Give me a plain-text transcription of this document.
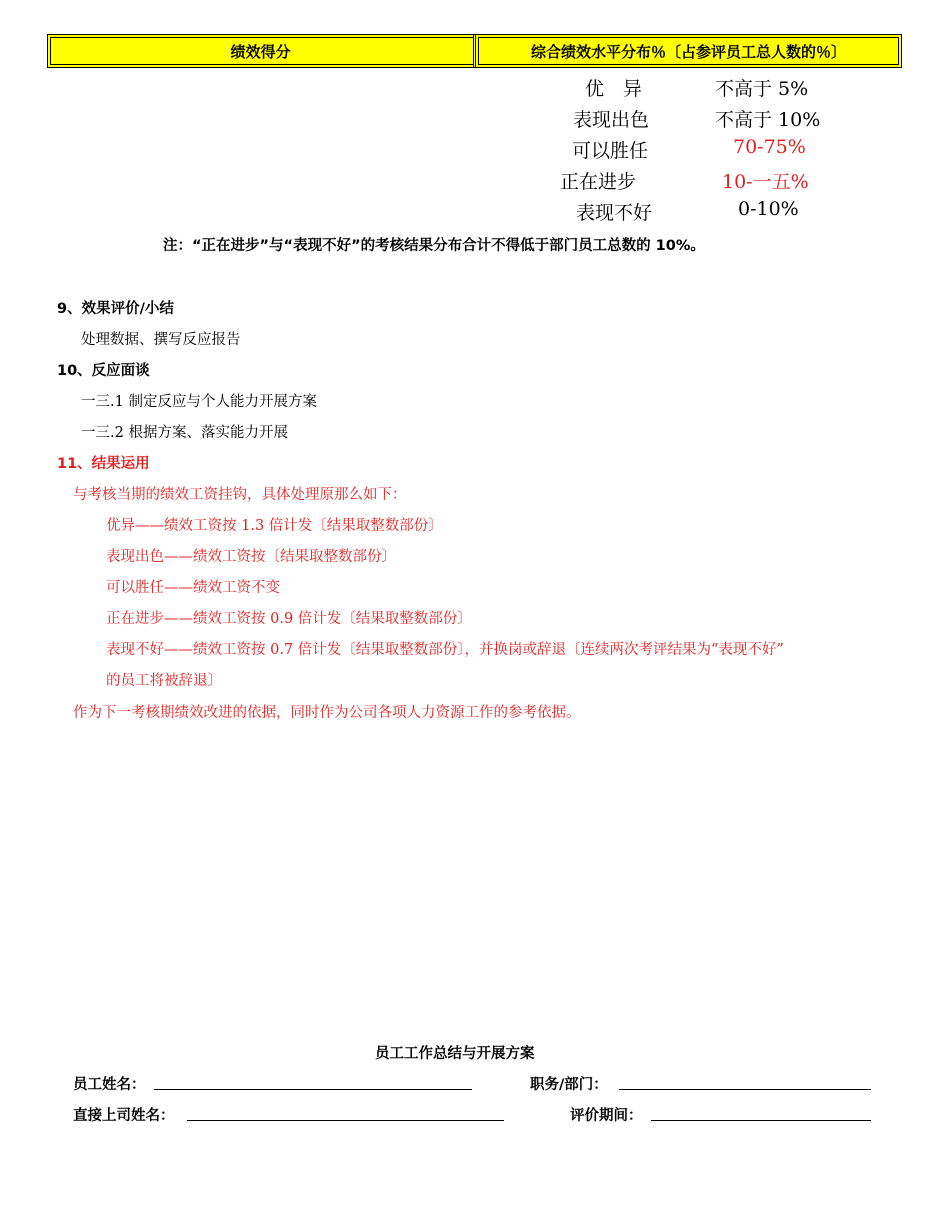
绩效得分	综合绩效水平分布％〔占参评员工总人数的％〕
优　异	不高于 5%
表现出色	不高于 10%
可以胜任	70-75%
正在进步	10-一五%
表现不好	0-10%
注：“正在进步”与“表现不好”的考核结果分布合计不得低于部门员工总数的 10%。
9、效果评价/小结
处理数据、撰写反应报告
10、反应面谈
一三.1 制定反应与个人能力开展方案
一三.2 根据方案、落实能力开展
11、结果运用
与考核当期的绩效工资挂钩，具体处理原那么如下：
优异——绩效工资按 1.3 倍计发〔结果取整数部份〕
表现出色——绩效工资按〔结果取整数部份〕
可以胜任——绩效工资不变
正在进步——绩效工资按 0.9 倍计发〔结果取整数部份〕
表现不好——绩效工资按 0.7 倍计发〔结果取整数部份〕，并换岗或辞退〔连续两次考评结果为“表现不好”
的员工将被辞退〕
作为下一考核期绩效改进的依据，同时作为公司各项人力资源工作的参考依据。
员工工作总结与开展方案
员工姓名：	职务/部门：
直接上司姓名：	评价期间：
